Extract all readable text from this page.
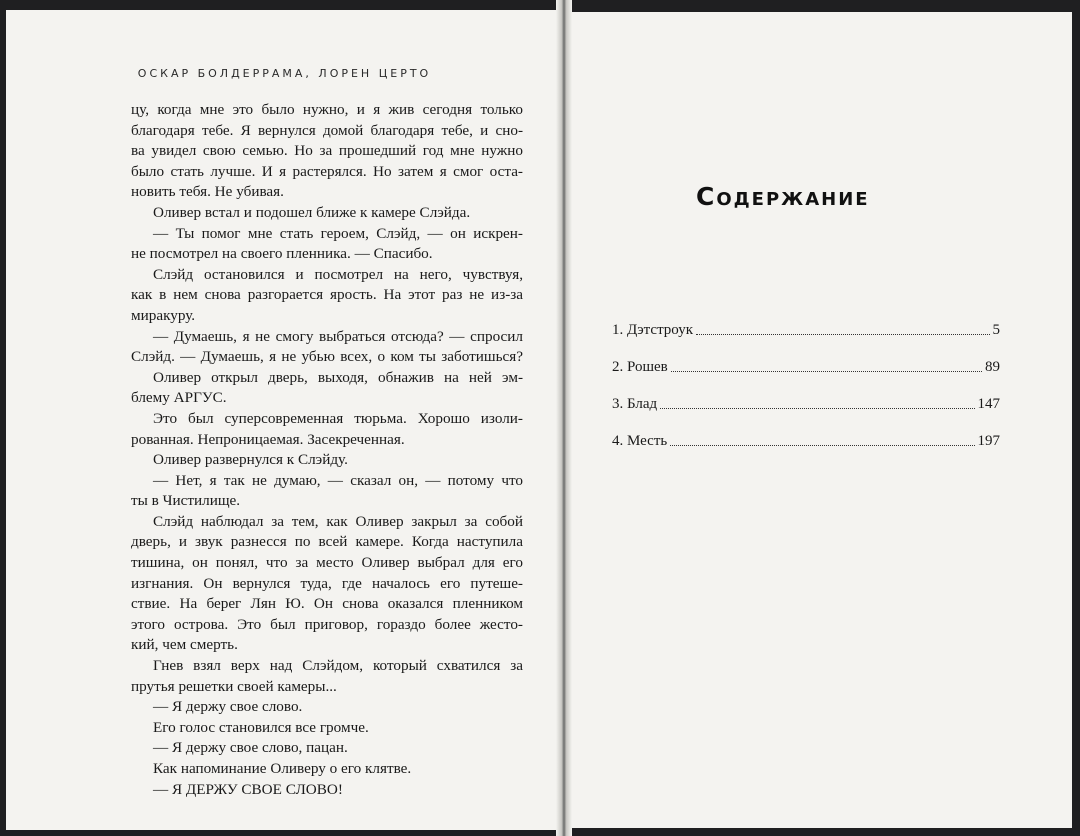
ОСКАР БОЛДЕРРАМА, ЛОРЕН ЦЕРТО
цу, когда мне это было нужно, и я жив сегодня только
благодаря тебе. Я вернулся домой благодаря тебе, и сно-
ва увидел свою семью. Но за прошедший год мне нужно
было стать лучше. И я растерялся. Но затем я смог оста-
новить тебя. Не убивая.
Оливер встал и подошел ближе к камере Слэйда.
— Ты помог мне стать героем, Слэйд, — он искрен-
не посмотрел на своего пленника. — Спасибо.
Слэйд остановился и посмотрел на него, чувствуя,
как в нем снова разгорается ярость. На этот раз не из-за
миракуру.
— Думаешь, я не смогу выбраться отсюда? — спросил
Слэйд. — Думаешь, я не убью всех, о ком ты заботишься?
Оливер открыл дверь, выходя, обнажив на ней эм-
блему АРГУС.
Это был суперсовременная тюрьма. Хорошо изоли-
рованная. Непроницаемая. Засекреченная.
Оливер развернулся к Слэйду.
— Нет, я так не думаю, — сказал он, — потому что
ты в Чистилище.
Слэйд наблюдал за тем, как Оливер закрыл за собой
дверь, и звук разнесся по всей камере. Когда наступила
тишина, он понял, что за место Оливер выбрал для его
изгнания. Он вернулся туда, где началось его путеше-
ствие. На берег Лян Ю. Он снова оказался пленником
этого острова. Это был приговор, гораздо более жесто-
кий, чем смерть.
Гнев взял верх над Слэйдом, который схватился за
прутья решетки своей камеры...
— Я держу свое слово.
Его голос становился все громче.
— Я держу свое слово, пацан.
Как напоминание Оливеру о его клятве.
— Я ДЕРЖУ СВОЕ СЛОВО!
Содержание
1. Дэтстроук	5
2. Рошев	89
3. Блад	147
4. Месть	197
